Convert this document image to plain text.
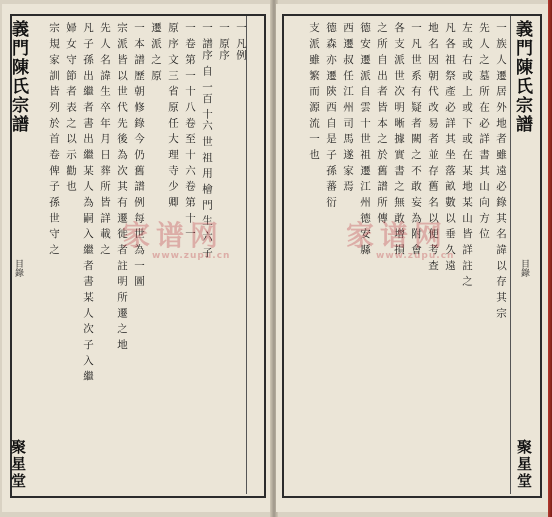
義門陳氏宗譜
目錄
聚星堂
一 凡例
一 原序
一 譜序 自 一百 十六 世 祖 用 檜 門 生 六 子
一 卷 第 一 十 八 卷 至 十 六 卷 第 十 一
原 序 文 三 省 原 任 大 理 寺 少 卿
遷 派 之 原
一 本 譜 歷 朝 修 錄 今 仍 舊 譜 例 每 世 為 一 圖
宗 派 皆 以 世 代 先 後 為 次 其 有 遷 徙 者 註 明 所 遷 之 地
先 人 名 諱 生 卒 年 月 日 葬 所 皆 詳 載 之
凡 子 孫 出 繼 者 書 出 繼 某 人 為 嗣 入 繼 者 書 某 人 次 子 入 繼
婦 女 守 節 者 表 之 以 示 勸 也
宗 規 家 訓 皆 列 於 首 卷 俾 子 孫 世 守 之 家谱网
www.zupu.cn
義門陳氏宗譜
目錄
聚星堂
一 族 人 遷 居 外 地 者 雖 遠 必 錄 其 名 諱 以 存 其 宗
先 人 之 墓 所 在 必 詳 書 其 山 向 方 位
左 或 右 或 上 或 下 或 在 某 地 某 山 皆 詳 註 之
凡 各 祖 祭 產 必 詳 其 坐 落 畝 數 以 垂 久 遠
地 名 因 朝 代 改 易 者 並 存 舊 名 以 便 考 查
一 凡 世 系 有 疑 者 闕 之 不 敢 妄 為 附 會
各 支 派 世 次 明 晰 據 實 書 之 無 敢 增 損
之 所 自 出 者 皆 本 之 於 舊 譜 所 傳
德 安 遷 派 自 雲 十 世 祖 遷 江 州 德 安 縣
西 遷 叔 任 江 州 司 馬 遂 家 焉
德 森 亦 遷 陝 西 自 是 子 孫 蕃 衍
支 派 雖 繁 而 源 流 一 也
家谱网
www.zupu.cn
